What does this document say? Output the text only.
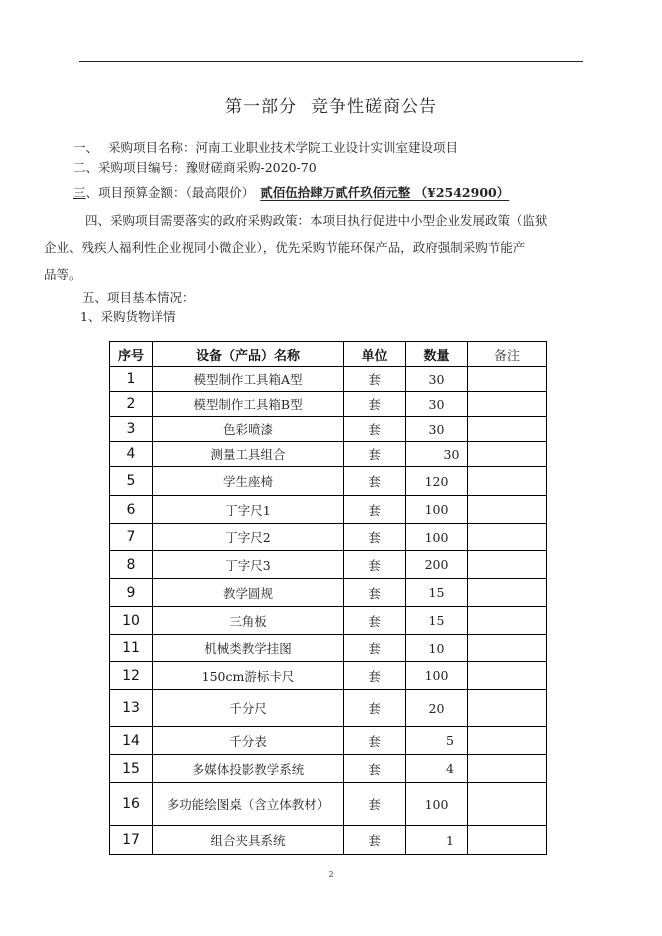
第一部分 竞争性磋商公告
一、 采购项目名称：河南工业职业技术学院工业设计实训室建设项目
二、采购项目编号：豫财磋商采购-2020-70
三、项目预算金额：（最高限价） 贰佰伍拾肆万贰仟玖佰元整 （¥2542900）
四、采购项目需要落实的政府采购政策：本项目执行促进中小型企业发展政策（监狱
企业、残疾人福利性企业视同小微企业），优先采购节能环保产品，政府强制采购节能产
品等。
五、项目基本情况：
1、采购货物详情
序号	设备（产品）名称	单位	数量	备注
1	模型制作工具箱A型	套	30	
2	模型制作工具箱B型	套	30	
3	色彩喷漆	套	30	
4	测量工具组合	套	30	
5	学生座椅	套	120	
6	丁字尺1	套	100	
7	丁字尺2	套	100	
8	丁字尺3	套	200	
9	教学圆规	套	15	
10	三角板	套	15	
11	机械类教学挂图	套	10	
12	150cm游标卡尺	套	100	
13	千分尺	套	20	
14	千分表	套	5	
15	多媒体投影教学系统	套	4	
16	多功能绘图桌（含立体教材）	套	100	
17	组合夹具系统	套	1	
2
